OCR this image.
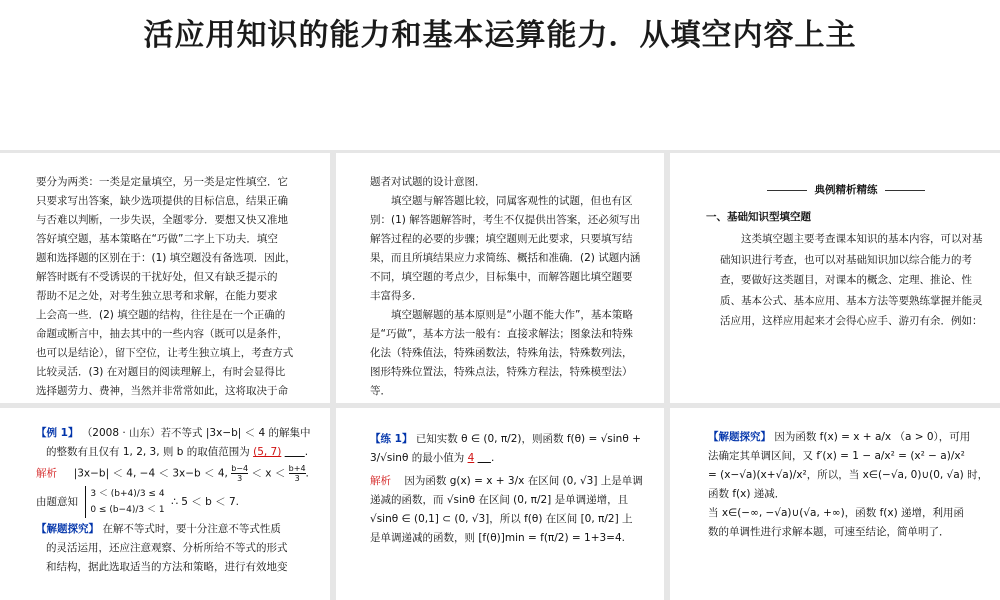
活应用知识的能力和基本运算能力．从填空内容上主

要分为两类：一类是定量填空，另一类是定性填空．它

只要求写出答案，缺少选项提供的目标信息，结果正确

与否难以判断，一步失误，全题零分．要想又快又准地

答好填空题，基本策略在“巧做”二字上下功夫．填空

题和选择题的区别在于：(1) 填空题没有备选项．因此，

解答时既有不受诱误的干扰好处，但又有缺乏提示的

帮助不足之处，对考生独立思考和求解，在能力要求

上会高一些．(2) 填空题的结构，往往是在一个正确的

命题或断言中，抽去其中的一些内容（既可以是条件，

也可以是结论），留下空位，让考生独立填上，考查方式

比较灵活．(3) 在对题目的阅读理解上，有时会显得比

选择题劳力、费神，当然并非常常如此，这将取决于命

题者对试题的设计意图．

填空题与解答题比较，同属客观性的试题，但也有区别：(1) 解答题解答时，考生不仅提供出答案，还必须写出解答过程的必要的步骤；填空题则无此要求，只要填写结果，而且所填结果应力求简练、概括和准确．(2) 试题内涵不同，填空题的考点少，目标集中，而解答题比填空题要丰富得多．

填空题解题的基本原则是“小题不能大作”，基本策略是“巧做”，基本方法一般有：直接求解法；图象法和特殊化法（特殊值法，特殊函数法，特殊角法，特殊数列法，图形特殊位置法，特殊点法，特殊方程法，特殊模型法）等．

典例精析精练

一、基础知识型填空题

这类填空题主要考查课本知识的基本内容，可以对基础知识进行考查，也可以对基础知识加以综合能力的考查，要做好这类题目，对课本的概念、定理、推论、性质、基本公式、基本应用、基本方法等要熟练掌握并能灵活应用，这样应用起来才会得心应手、游刃有余．例如：

【例 1】 （2008 · 山东）若不等式 |3x−b| ＜ 4 的解集中

的整数有且仅有 1, 2, 3, 则 b 的取值范围为 (5, 7) .

解析 |3x−b| ＜ 4, −4 ＜ 3x−b ＜ 4, $\frac{b-4}{3} < x < \frac{b+4}{3}$ .

由题意知 3 ＜ (b+4)/3 ≤ 4
0 ≤ (b−4)/3 ＜ 1  ∴ 5 ＜ b ＜ 7.

【解题探究】 在解不等式时，要十分注意不等式性质

的灵活运用，还应注意观察、分析所给不等式的形式

和结构，据此选取适当的方法和策略，进行有效地变

【练 1】 已知实数 θ ∈ (0, π/2)，则函数 f(θ) = √sinθ +

3/√sinθ 的最小值为 4 .

解析 因为函数 g(x) = x + 3/x 在区间 (0, √3] 上是单调

递减的函数，而 √sinθ 在区间 (0, π/2] 是单调递增，且

√sinθ ∈ (0,1] ⊂ (0, √3]，所以 f(θ) 在区间 [0, π/2] 上

是单调递减的函数，则 [f(θ)]min = f(π/2) = 1+3=4.

【解题探究】 因为函数 f(x) = x + a/x （a > 0），可用

法确定其单调区间，又 f′(x) = 1 − a/x² = (x² − a)/x²

= (x−√a)(x+√a)/x²，所以，当 x∈(−√a, 0)∪(0, √a) 时，

函数 f(x) 递减．

当 x∈(−∞, −√a)∪(√a, +∞)，函数 f(x) 递增，利用函

数的单调性进行求解本题，可速至结论，简单明了．
